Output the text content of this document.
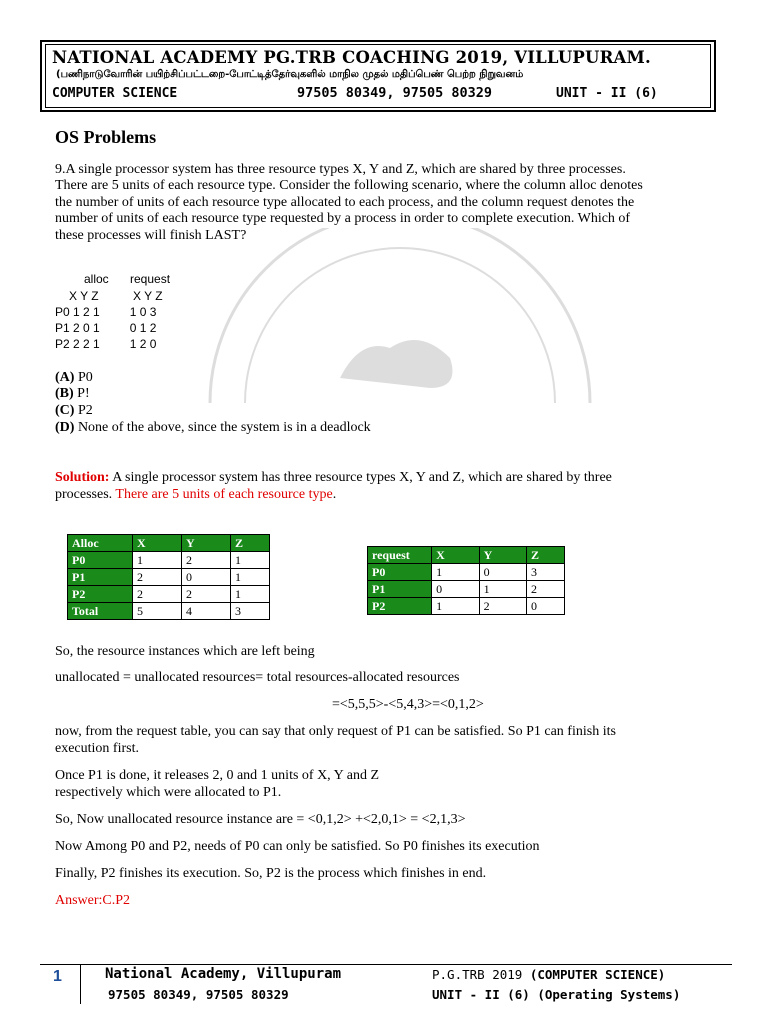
NATIONAL ACADEMY PG.TRB COACHING 2019, VILLUPURAM.
(பணிநாடுவோரின் பயிற்சிப்பட்டறை-போட்டித்தேர்வுகளில் மாநில முதல் மதிப்பெண் பெற்ற நிறுவனம்
COMPUTER SCIENCE	97505 80349, 97505 80329	UNIT - II (6)
OS Problems
9.A single processor system has three resource types X, Y and Z, which are shared by three processes.
There are 5 units of each resource type. Consider the following scenario, where the column alloc denotes
the number of units of each resource type allocated to each process, and the column request denotes the
number of units of each resource type requested by a process in order to complete execution. Which of
these processes will finish LAST?
alloc request
X Y Z	X Y Z
P0 1 2 1         1 0 3
P1 2 0 1         0 1 2
P2 2 2 1         1 2 0
(A) P0
(B) P!
(C) P2
(D) None of the above, since the system is in a deadlock
Solution: A single processor system has three resource types X, Y and Z, which are shared by three
processes. There are 5 units of each resource type.
Alloc	X	Y	Z
P0	1	2	1
P1	2	0	1
P2	2	2	1
Total	5	4	3
request	X	Y	Z
P0	1	0	3
P1	0	1	2
P2	1	2	0
So, the resource instances which are left being
unallocated = unallocated resources= total resources-allocated resources
=<5,5,5>-<5,4,3>=<0,1,2>
now, from the request table, you can say that only request of P1 can be satisfied. So P1 can finish its
execution first.
Once P1 is done, it releases 2, 0 and 1 units of X, Y and Z
respectively which were allocated to P1.
So, Now unallocated resource instance are = <0,1,2> +<2,0,1> = <2,1,3>
Now Among P0 and P2, needs of P0 can only be satisfied. So P0 finishes its execution
Finally, P2 finishes its execution. So, P2 is the process which finishes in end.
Answer:C.P2
1	National Academy, Villupuram
97505 80349, 97505 80329
P.G.TRB 2019 (COMPUTER SCIENCE)
UNIT - II (6) (Operating Systems)
